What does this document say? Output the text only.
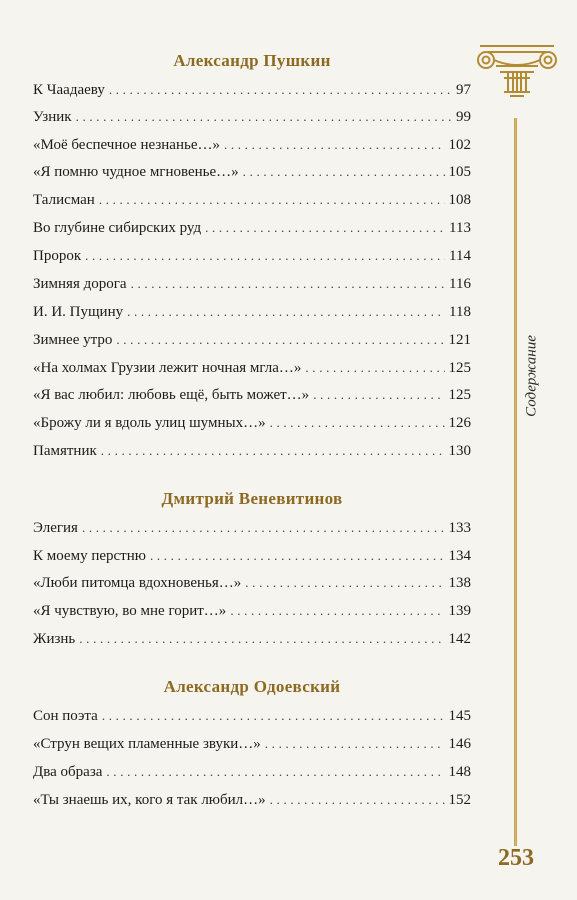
Александр Пушкин
К Чаадаеву . . .	97
Узник . . .	99
«Моё беспечное незнанье…» . . .	102
«Я помню чудное мгновенье…» . . .	105
Талисман . . .	108
Во глубине сибирских руд . . .	113
Пророк . . .	114
Зимняя дорога . . .	116
И. И. Пущину . . .	118
Зимнее утро . . .	121
«На холмах Грузии лежит ночная мгла…» . . .	125
«Я вас любил: любовь ещё, быть может…» . . .	125
«Брожу ли я вдоль улиц шумных…» . . .	126
Памятник . . .	130
Дмитрий Веневитинов
Элегия . . .	133
К моему перстню . . .	134
«Люби питомца вдохновенья…» . . .	138
«Я чувствую, во мне горит…» . . .	139
Жизнь . . .	142
Александр Одоевский
Сон поэта . . .	145
«Струн вещих пламенные звуки…» . . .	146
Два образа . . .	148
«Ты знаешь их, кого я так любил…» . . .	152
Содержание
253
